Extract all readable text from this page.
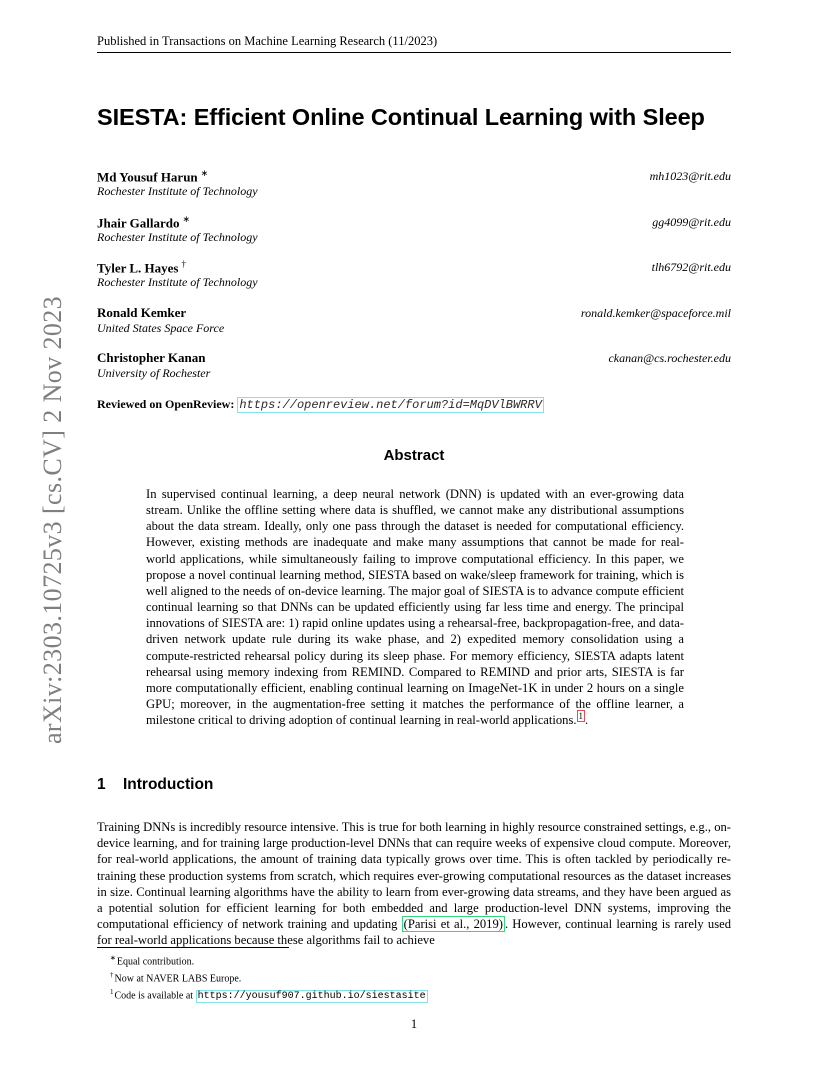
Published in Transactions on Machine Learning Research (11/2023)
arXiv:2303.10725v3 [cs.CV] 2 Nov 2023
SIESTA: Efficient Online Continual Learning with Sleep
Md Yousuf Harun ∗
Rochester Institute of Technology
mh1023@rit.edu
Jhair Gallardo ∗
Rochester Institute of Technology
gg4099@rit.edu
Tyler L. Hayes †
Rochester Institute of Technology
tlh6792@rit.edu
Ronald Kemker
United States Space Force
ronald.kemker@spaceforce.mil
Christopher Kanan
University of Rochester
ckanan@cs.rochester.edu
Reviewed on OpenReview: https://openreview.net/forum?id=MqDVlBWRRV
Abstract
In supervised continual learning, a deep neural network (DNN) is updated with an ever-growing data stream. Unlike the offline setting where data is shuffled, we cannot make any distributional assumptions about the data stream. Ideally, only one pass through the dataset is needed for computational efficiency. However, existing methods are inadequate and make many assumptions that cannot be made for real-world applications, while simultaneously failing to improve computational efficiency. In this paper, we propose a novel continual learning method, SIESTA based on wake/sleep framework for training, which is well aligned to the needs of on-device learning. The major goal of SIESTA is to advance compute efficient continual learning so that DNNs can be updated efficiently using far less time and energy. The principal innovations of SIESTA are: 1) rapid online updates using a rehearsal-free, backpropagation-free, and data-driven network update rule during its wake phase, and 2) expedited memory consolidation using a compute-restricted rehearsal policy during its sleep phase. For memory efficiency, SIESTA adapts latent rehearsal using memory indexing from REMIND. Compared to REMIND and prior arts, SIESTA is far more computationally efficient, enabling continual learning on ImageNet-1K in under 2 hours on a single GPU; moreover, in the augmentation-free setting it matches the performance of the offline learner, a milestone critical to driving adoption of continual learning in real-world applications. $^1$ .
1 Introduction
Training DNNs is incredibly resource intensive. This is true for both learning in highly resource constrained settings, e.g., on-device learning, and for training large production-level DNNs that can require weeks of expensive cloud compute. Moreover, for real-world applications, the amount of training data typically grows over time. This is often tackled by periodically re-training these production systems from scratch, which requires ever-growing computational resources as the dataset increases in size. Continual learning algorithms have the ability to learn from ever-growing data streams, and they have been argued as a potential solution for efficient learning for both embedded and large production-level DNN systems, improving the computational efficiency of network training and updating (Parisi et al., 2019) . However, continual learning is rarely used for real-world applications because these algorithms fail to achieve
∗Equal contribution.
†Now at NAVER LABS Europe.
$^1$Code is available at https://yousuf907.github.io/siestasite
1
